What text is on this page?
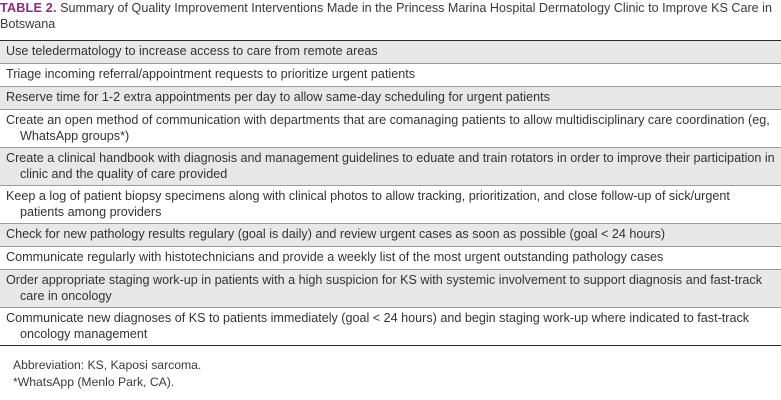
TABLE 2. Summary of Quality Improvement Interventions Made in the Princess Marina Hospital Dermatology Clinic to Improve KS Care in Botswana
Use teledermatology to increase access to care from remote areas

Triage incoming referral/appointment requests to prioritize urgent patients

Reserve time for 1-2 extra appointments per day to allow same-day scheduling for urgent patients

Create an open method of communication with departments that are comanaging patients to allow multidisciplinary care coordination (eg, WhatsApp groups*)

Create a clinical handbook with diagnosis and management guidelines to eduate and train rotators in order to improve their participation in clinic and the quality of care provided

Keep a log of patient biopsy specimens along with clinical photos to allow tracking, prioritization, and close follow-up of sick/urgent patients among providers

Check for new pathology results regulary (goal is daily) and review urgent cases as soon as possible (goal < 24 hours)

Communicate regularly with histotechnicians and provide a weekly list of the most urgent outstanding pathology cases

Order appropriate staging work-up in patients with a high suspicion for KS with systemic involvement to support diagnosis and fast-track care in oncology

Communicate new diagnoses of KS to patients immediately (goal < 24 hours) and begin staging work-up where indicated to fast-track oncology management
Abbreviation: KS, Kaposi sarcoma.
*WhatsApp (Menlo Park, CA).
